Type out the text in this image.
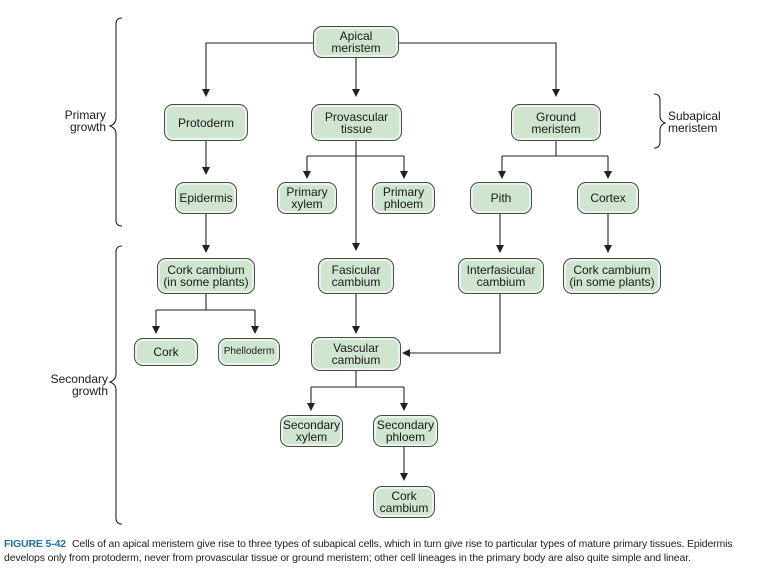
Primary
growth
Secondary
growth
Subapical
meristem
Apical
meristem
Protoderm	Provascular
tissue
Ground
meristem
Epidermis	Primary
xylem
Primary
phloem	Pith	Cortex
Cork cambium
(in some plants)
Fasicular
cambium
Interfasicular
cambium
Cork cambium
(in some plants)
Cork	Phelloderm	Vascular
cambium
Secondary
xylem
Secondary
phloem
Cork
cambium
FIGURE 5-42 Cells of an apical meristem give rise to three types of subapical cells, which in turn give rise to particular types of mature primary tissues. Epidermis develops only from protoderm, never from provascular tissue or ground meristem; other cell lineages in the primary body are also quite simple and linear.
